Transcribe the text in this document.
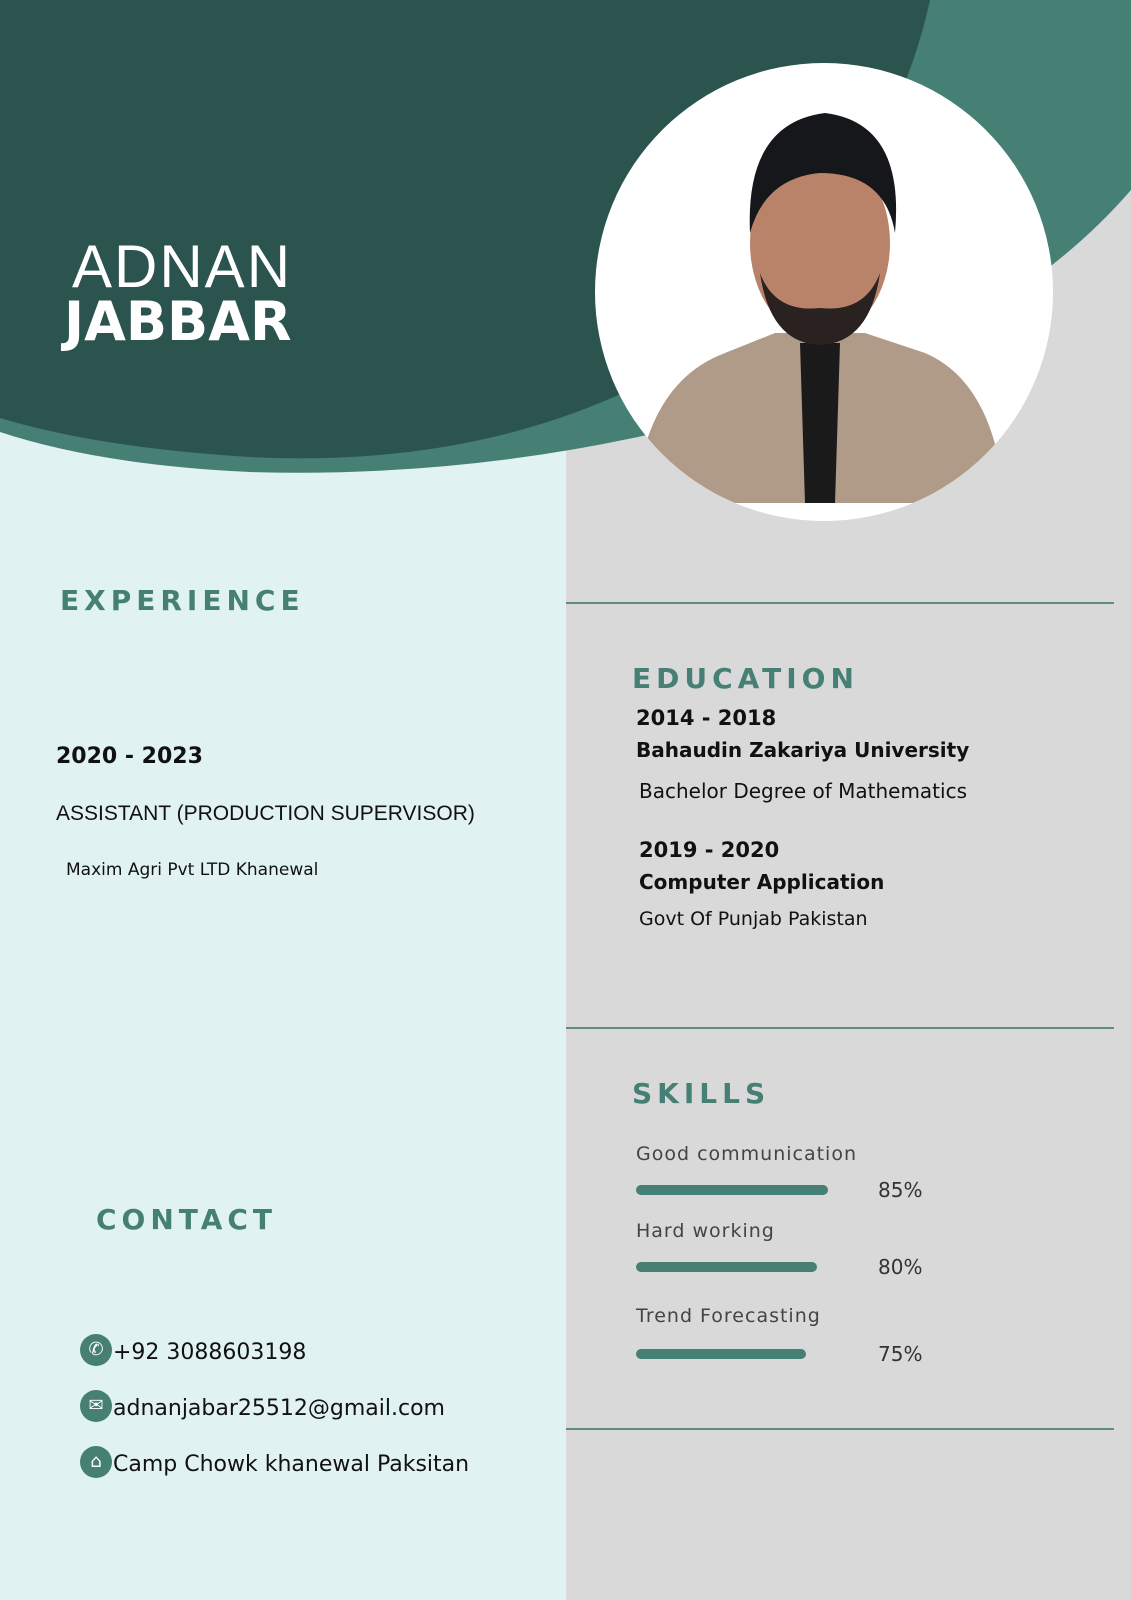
ADNAN
JABBAR
EXPERIENCE
2020 - 2023
ASSISTANT (PRODUCTION SUPERVISOR)
Maxim Agri Pvt LTD Khanewal
EDUCATION
2014 - 2018
Bahaudin Zakariya University
Bachelor Degree of Mathematics
2019 - 2020
Computer Application
Govt Of Punjab Pakistan
SKILLS
Good communication
85%
Hard working
80%
Trend Forecasting
75%
CONTACT
✆ +92 3088603198
✉ adnanjabar25512@gmail.com
⌂ Camp Chowk khanewal Paksitan
